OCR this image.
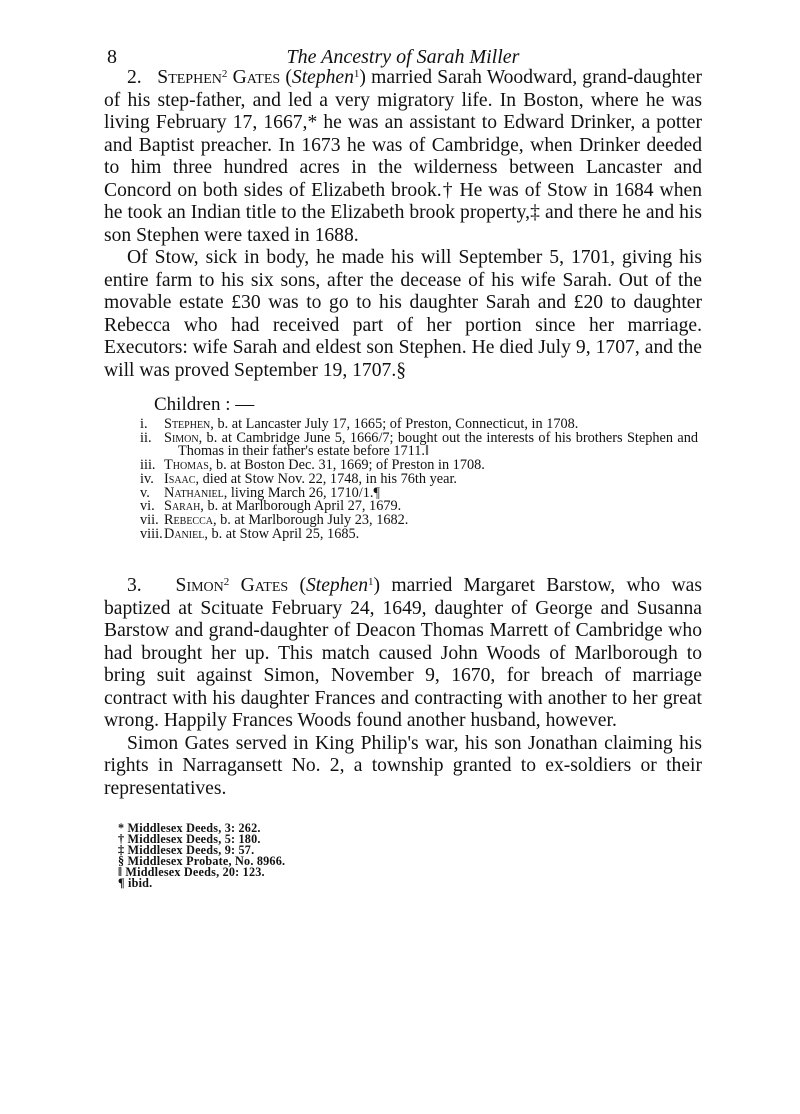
8	The Ancestry of Sarah Miller

2. Stephen$^2$ Gates (Stephen$^1$) married Sarah Woodward, grand-daughter of his step-father, and led a very migratory life. In Boston, where he was living February 17, 1667,* he was an assistant to Edward Drinker, a potter and Baptist preacher. In 1673 he was of Cambridge, when Drinker deeded to him three hundred acres in the wilderness between Lancaster and Concord on both sides of Elizabeth brook.† He was of Stow in 1684 when he took an Indian title to the Elizabeth brook property,‡ and there he and his son Stephen were taxed in 1688.

Of Stow, sick in body, he made his will September 5, 1701, giving his entire farm to his six sons, after the decease of his wife Sarah. Out of the movable estate £30 was to go to his daughter Sarah and £20 to daughter Rebecca who had received part of her portion since her marriage. Executors: wife Sarah and eldest son Stephen. He died July 9, 1707, and the will was proved September 19, 1707.§

Children : —
i. Stephen, b. at Lancaster July 17, 1665; of Preston, Connecticut, in 1708.
ii. Simon, b. at Cambridge June 5, 1666/7; bought out the interests of his brothers Stephen and Thomas in their father's estate before 1711.‖
iii. Thomas, b. at Boston Dec. 31, 1669; of Preston in 1708.
iv. Isaac, died at Stow Nov. 22, 1748, in his 76th year.
v. Nathaniel, living March 26, 1710/1.¶
vi. Sarah, b. at Marlborough April 27, 1679.
vii. Rebecca, b. at Marlborough July 23, 1682.
viii. Daniel, b. at Stow April 25, 1685.

3. Simon$^2$ Gates (Stephen$^1$) married Margaret Barstow, who was baptized at Scituate February 24, 1649, daughter of George and Susanna Barstow and grand-daughter of Deacon Thomas Marrett of Cambridge who had brought her up. This match caused John Woods of Marlborough to bring suit against Simon, November 9, 1670, for breach of marriage contract with his daughter Frances and contracting with another to her great wrong. Happily Frances Woods found another husband, however.

Simon Gates served in King Philip's war, his son Jonathan claiming his rights in Narragansett No. 2, a township granted to ex-soldiers or their representatives.

* Middlesex Deeds, 3: 262.
† Middlesex Deeds, 5: 180.
‡ Middlesex Deeds, 9: 57.
§ Middlesex Probate, No. 8966.
‖ Middlesex Deeds, 20: 123.
¶ ibid.
